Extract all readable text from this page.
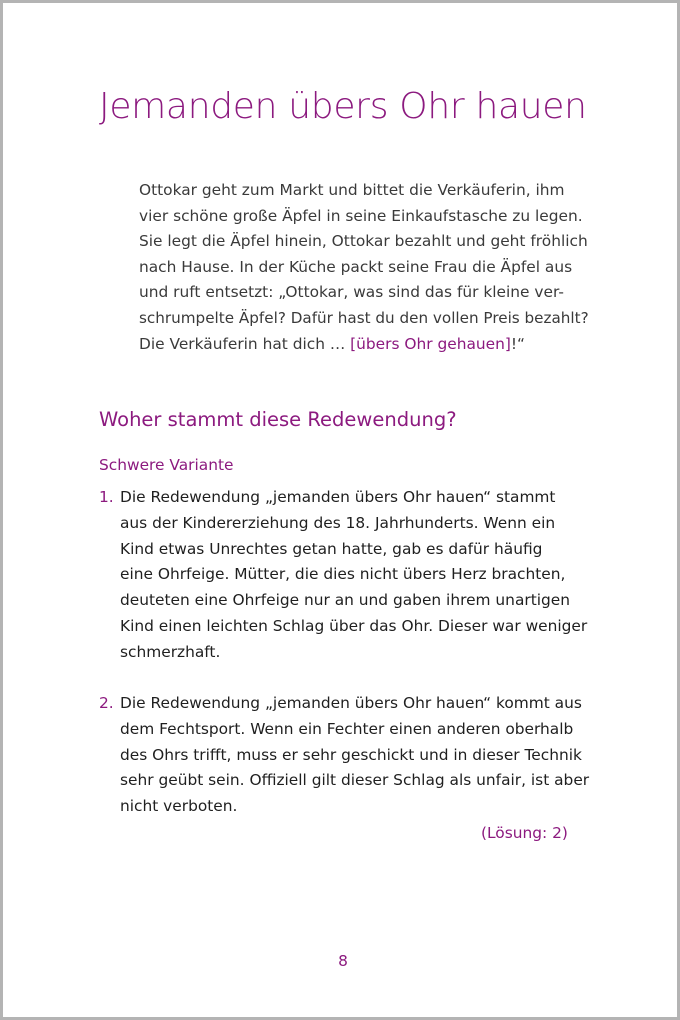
Jemanden übers Ohr hauen
Ottokar geht zum Markt und bittet die Verkäuferin, ihm
vier schöne große Äpfel in seine Einkaufstasche zu legen.
Sie legt die Äpfel hinein, Ottokar bezahlt und geht fröhlich
nach Hause. In der Küche packt seine Frau die Äpfel aus
und ruft entsetzt: „Ottokar, was sind das für kleine ver-
schrumpelte Äpfel? Dafür hast du den vollen Preis bezahlt?
Die Verkäuferin hat dich … [übers Ohr gehauen]!“
Woher stammt diese Redewendung?
Schwere Variante
1. Die Redewendung „jemanden übers Ohr hauen“ stammt
aus der Kindererziehung des 18. Jahrhunderts. Wenn ein
Kind etwas Unrechtes getan hatte, gab es dafür häufig
eine Ohrfeige. Mütter, die dies nicht übers Herz brachten,
deuteten eine Ohrfeige nur an und gaben ihrem unartigen
Kind einen leichten Schlag über das Ohr. Dieser war weniger
schmerzhaft.
2. Die Redewendung „jemanden übers Ohr hauen“ kommt aus
dem Fechtsport. Wenn ein Fechter einen anderen oberhalb
des Ohrs trifft, muss er sehr geschickt und in dieser Technik
sehr geübt sein. Offiziell gilt dieser Schlag als unfair, ist aber
nicht verboten.
(Lösung: 2)
8
